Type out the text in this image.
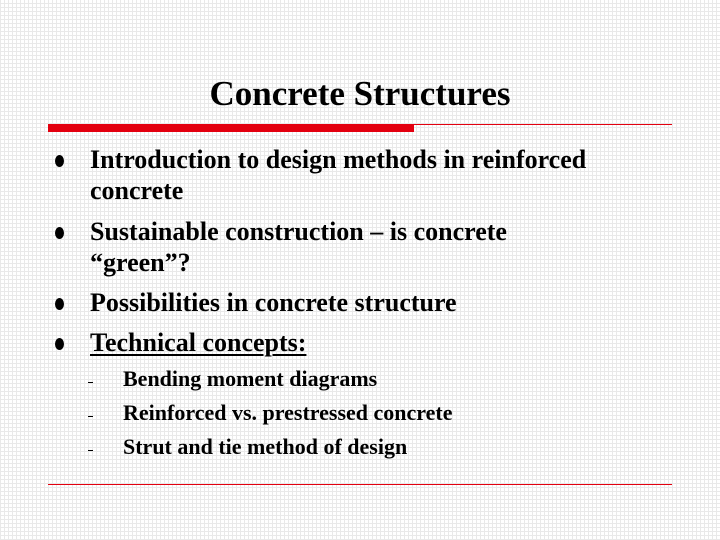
Concrete Structures
Introduction to design methods in reinforced
concrete
Sustainable construction – is concrete
“green”?
Possibilities in concrete structure
Technical concepts:
Bending moment diagrams
Reinforced vs. prestressed concrete
Strut and tie method of design
